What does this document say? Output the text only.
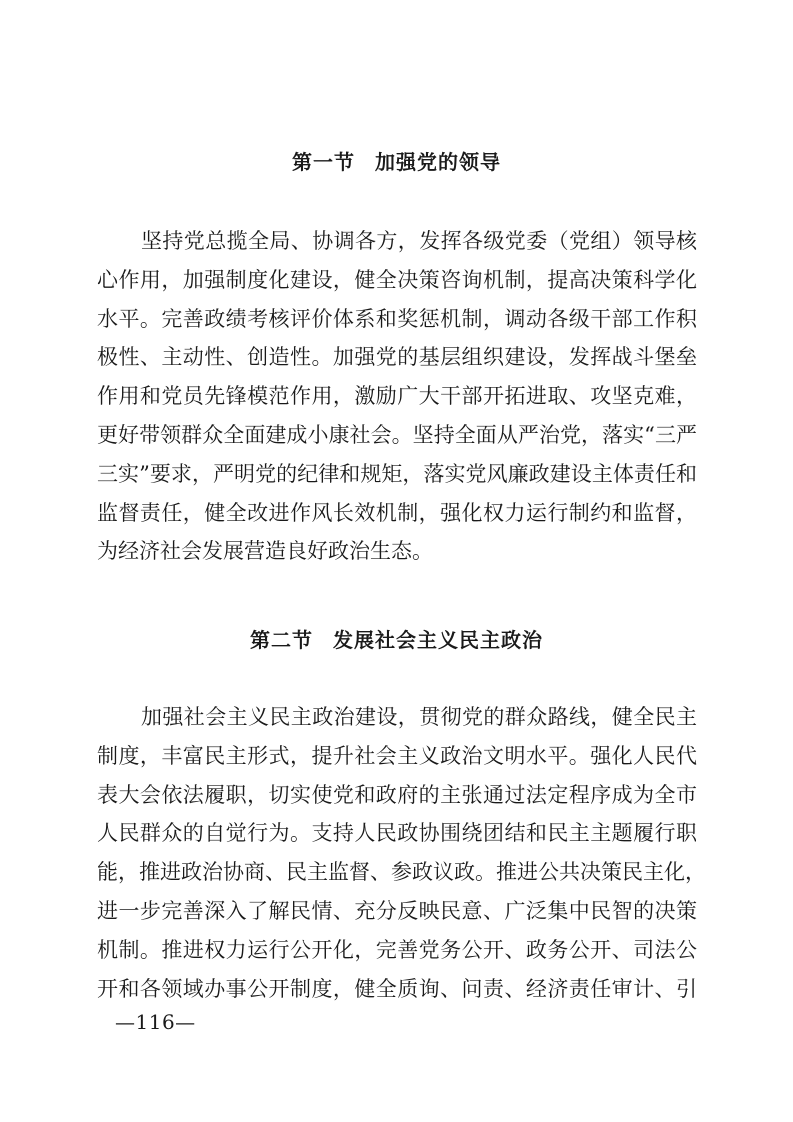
第一节 加强党的领导
坚持党总揽全局、协调各方，发挥各级党委（党组）领导核
心作用，加强制度化建设，健全决策咨询机制，提高决策科学化
水平。完善政绩考核评价体系和奖惩机制，调动各级干部工作积
极性、主动性、创造性。加强党的基层组织建设，发挥战斗堡垒
作用和党员先锋模范作用，激励广大干部开拓进取、攻坚克难，
更好带领群众全面建成小康社会。坚持全面从严治党，落实“三严
三实”要求，严明党的纪律和规矩，落实党风廉政建设主体责任和
监督责任，健全改进作风长效机制，强化权力运行制约和监督，
为经济社会发展营造良好政治生态。
第二节 发展社会主义民主政治
加强社会主义民主政治建设，贯彻党的群众路线，健全民主
制度，丰富民主形式，提升社会主义政治文明水平。强化人民代
表大会依法履职，切实使党和政府的主张通过法定程序成为全市
人民群众的自觉行为。支持人民政协围绕团结和民主主题履行职
能，推进政治协商、民主监督、参政议政。推进公共决策民主化，
进一步完善深入了解民情、充分反映民意、广泛集中民智的决策
机制。推进权力运行公开化，完善党务公开、政务公开、司法公
开和各领域办事公开制度，健全质询、问责、经济责任审计、引
—116—
